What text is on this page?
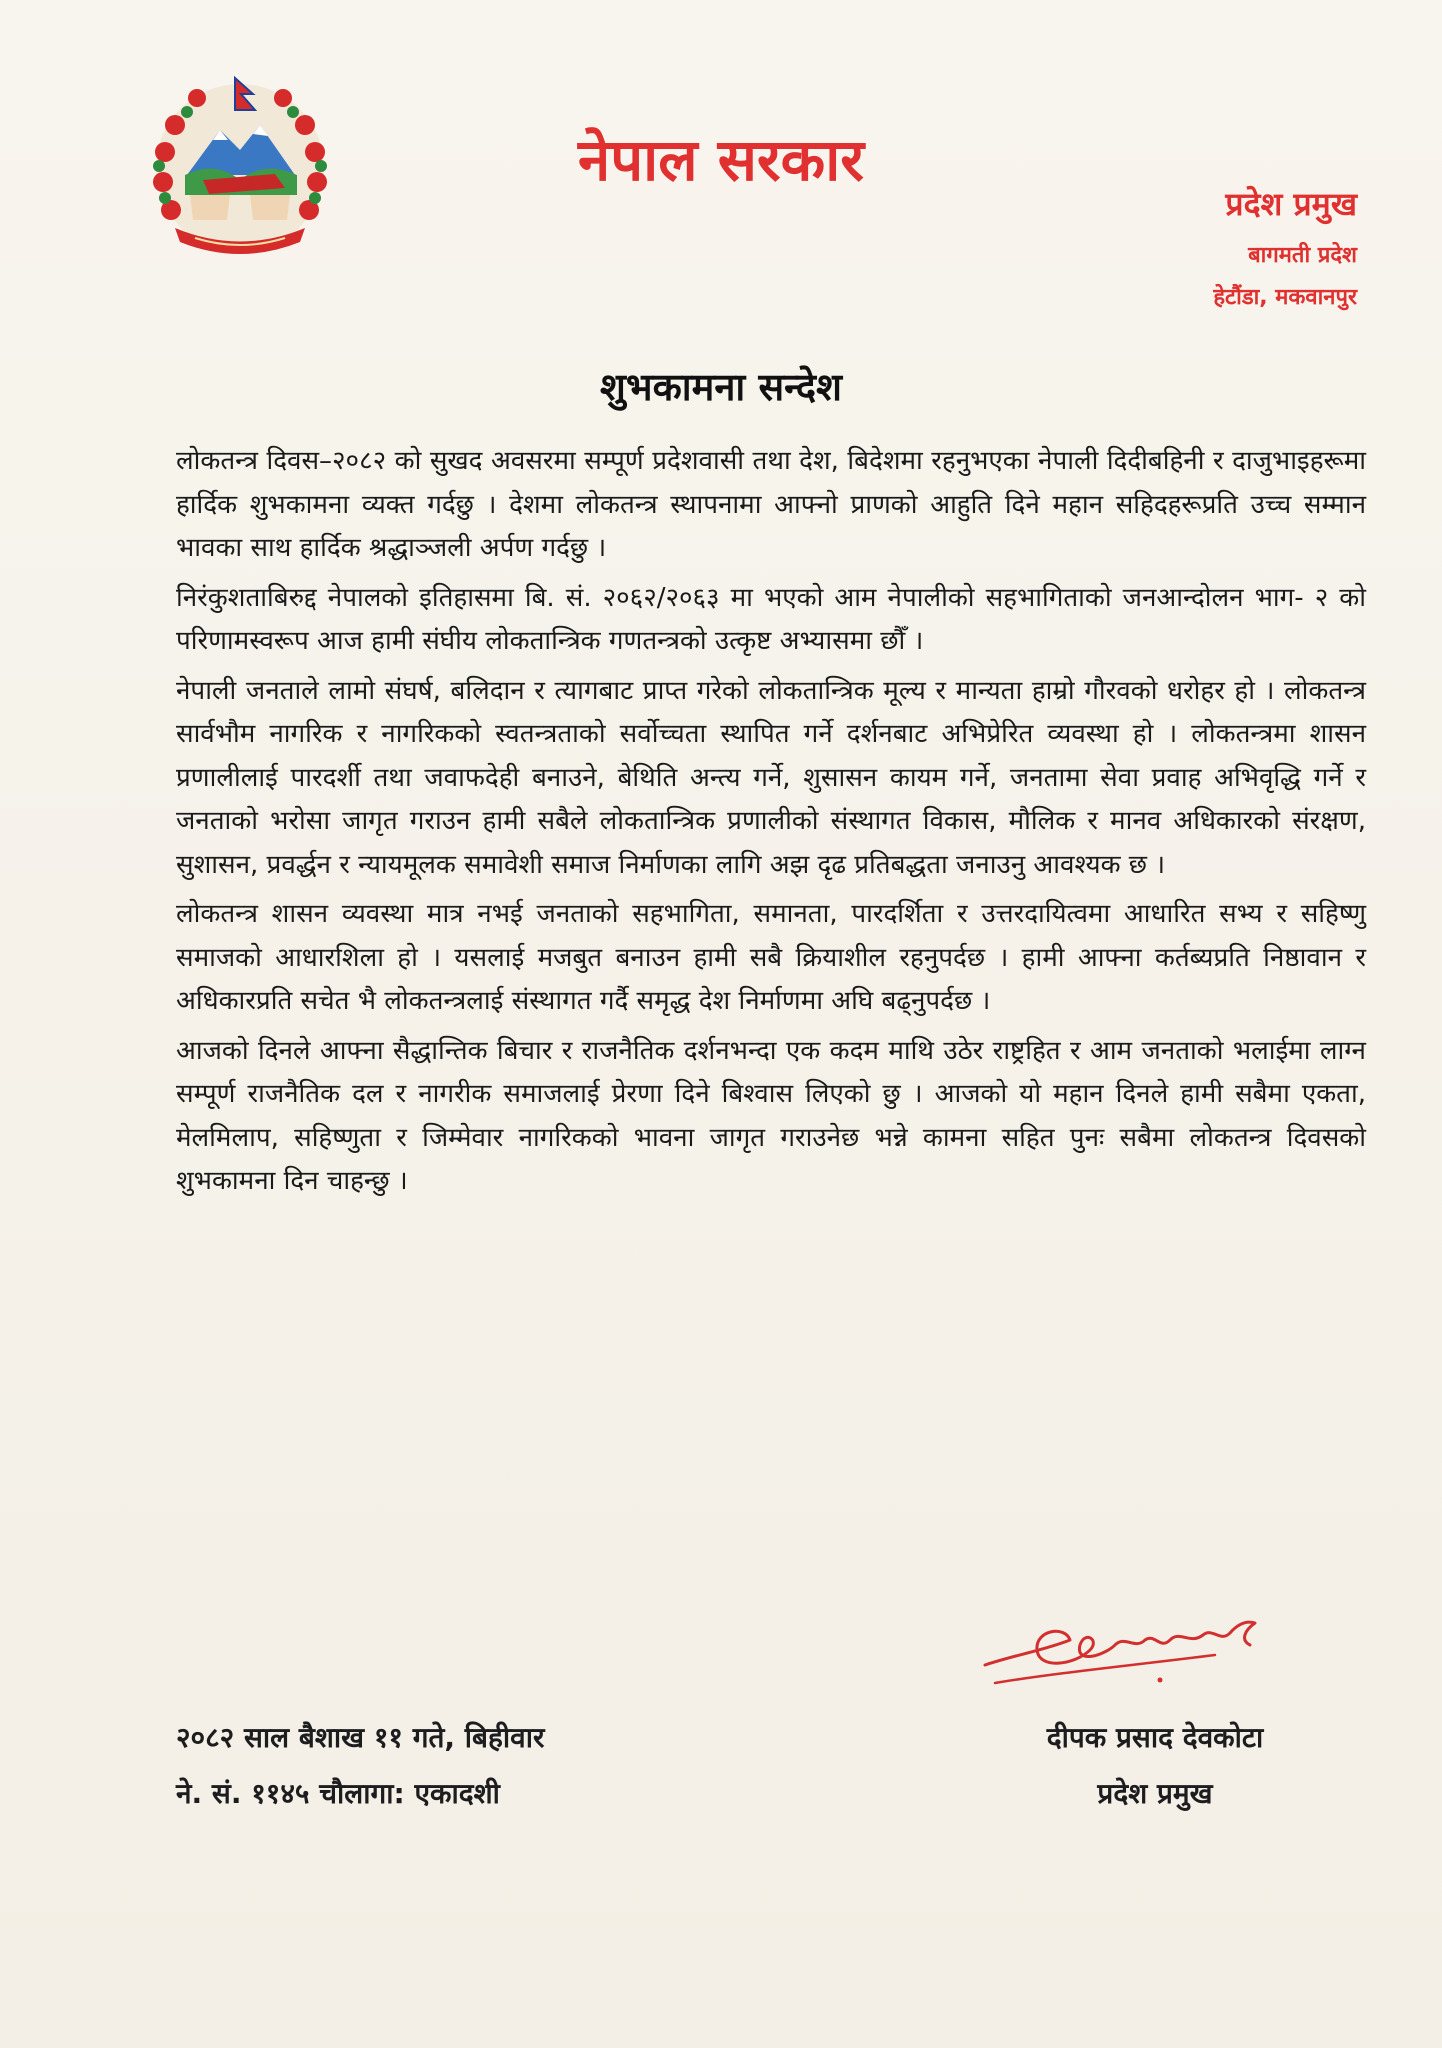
नेपाल सरकार
प्रदेश प्रमुख
बागमती प्रदेश
हेटौंडा, मकवानपुर
शुभकामना सन्देश

लोकतन्त्र दिवस–२०८२ को सुखद अवसरमा सम्पूर्ण प्रदेशवासी तथा देश, बिदेशमा रहनुभएका नेपाली दिदीबहिनी र दाजुभाइहरूमा हार्दिक शुभकामना व्यक्त गर्दछु । देशमा लोकतन्त्र स्थापनामा आफ्नो प्राणको आहुति दिने महान सहिदहरूप्रति उच्च सम्मान भावका साथ हार्दिक श्रद्धाञ्जली अर्पण गर्दछु ।

निरंकुशताबिरुद्द नेपालको इतिहासमा बि. सं. २०६२/२०६३ मा भएको आम नेपालीको सहभागिताको जनआन्दोलन भाग- २ को परिणामस्वरूप आज हामी संघीय लोकतान्त्रिक गणतन्त्रको उत्कृष्ट अभ्यासमा छौँ ।

नेपाली जनताले लामो संघर्ष, बलिदान र त्यागबाट प्राप्त गरेको लोकतान्त्रिक मूल्य र मान्यता हाम्रो गौरवको धरोहर हो । लोकतन्त्र सार्वभौम नागरिक र नागरिकको स्वतन्त्रताको सर्वोच्चता स्थापित गर्ने दर्शनबाट अभिप्रेरित व्यवस्था हो । लोकतन्त्रमा शासन प्रणालीलाई पारदर्शी तथा जवाफदेही बनाउने, बेथिति अन्त्य गर्ने, शुसासन कायम गर्ने, जनतामा सेवा प्रवाह अभिवृद्धि गर्ने र जनताको भरोसा जागृत गराउन हामी सबैले लोकतान्त्रिक प्रणालीको संस्थागत विकास, मौलिक र मानव अधिकारको संरक्षण, सुशासन, प्रवर्द्धन र न्यायमूलक समावेशी समाज निर्माणका लागि अझ दृढ प्रतिबद्धता जनाउनु आवश्यक छ ।

लोकतन्त्र शासन व्यवस्था मात्र नभई जनताको सहभागिता, समानता, पारदर्शिता र उत्तरदायित्वमा आधारित सभ्य र सहिष्णु समाजको आधारशिला हो । यसलाई मजबुत बनाउन हामी सबै क्रियाशील रहनुपर्दछ । हामी आफ्ना कर्तब्यप्रति निष्ठावान र अधिकारप्रति सचेत भै लोकतन्त्रलाई संस्थागत गर्दै समृद्ध देश निर्माणमा अघि बढ्नुपर्दछ ।

आजको दिनले आफ्ना सैद्धान्तिक बिचार र राजनैतिक दर्शनभन्दा एक कदम माथि उठेर राष्ट्रहित र आम जनताको भलाईमा लाग्न सम्पूर्ण राजनैतिक दल र नागरीक समाजलाई प्रेरणा दिने बिश्वास लिएको छु । आजको यो महान दिनले हामी सबैमा एकता, मेलमिलाप, सहिष्णुता र जिम्मेवार नागरिकको भावना जागृत गराउनेछ भन्ने कामना सहित पुनः सबैमा लोकतन्त्र दिवसको शुभकामना दिन चाहन्छु ।

२०८२ साल बैशाख ११ गते, बिहीवार
ने. सं. ११४५ चौलागा: एकादशी
दीपक प्रसाद देवकोटा
प्रदेश प्रमुख
